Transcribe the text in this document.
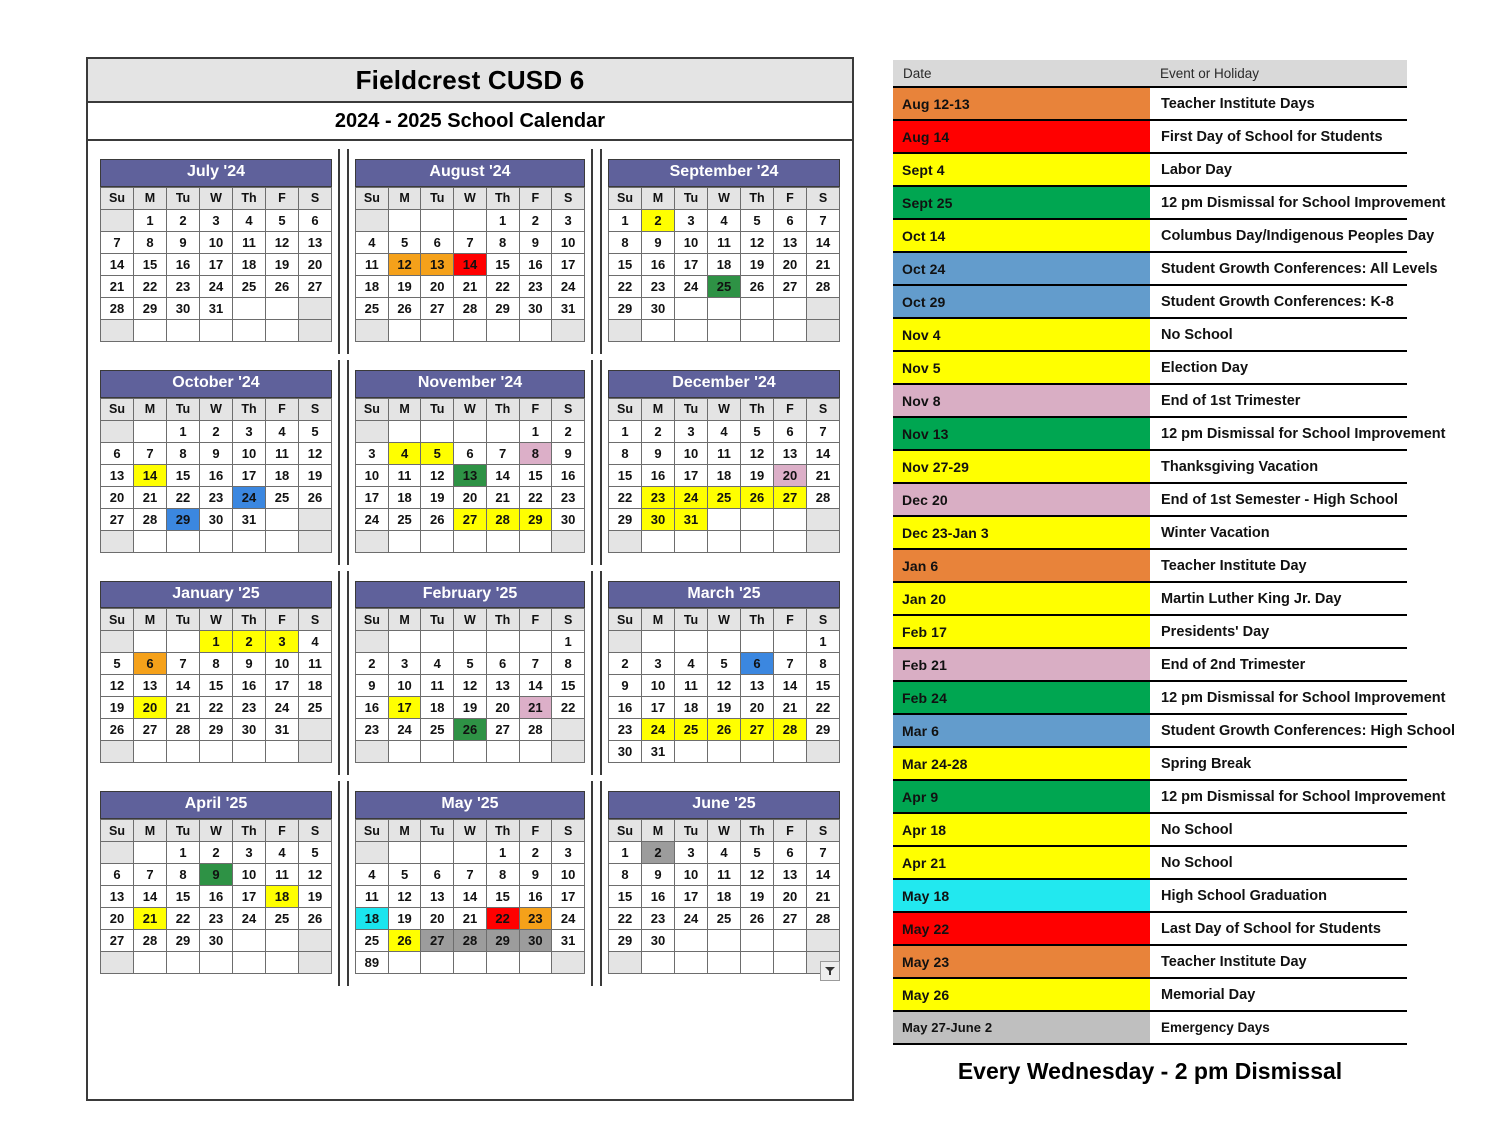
Fieldcrest CUSD 6
2024 - 2025 School Calendar
July '24
Su	M	Tu	W	Th	F	S
	1	2	3	4	5	6
7	8	9	10	11	12	13
14	15	16	17	18	19	20
21	22	23	24	25	26	27
28	29	30	31			

August '24
Su	M	Tu	W	Th	F	S
				1	2	3
4	5	6	7	8	9	10
11	12	13	14	15	16	17
18	19	20	21	22	23	24
25	26	27	28	29	30	31

September '24
Su	M	Tu	W	Th	F	S
1	2	3	4	5	6	7
8	9	10	11	12	13	14
15	16	17	18	19	20	21
22	23	24	25	26	27	28
29	30					

October '24
Su	M	Tu	W	Th	F	S
		1	2	3	4	5
6	7	8	9	10	11	12
13	14	15	16	17	18	19
20	21	22	23	24	25	26
27	28	29	30	31		

November '24
Su	M	Tu	W	Th	F	S
					1	2
3	4	5	6	7	8	9
10	11	12	13	14	15	16
17	18	19	20	21	22	23
24	25	26	27	28	29	30

December '24
Su	M	Tu	W	Th	F	S
1	2	3	4	5	6	7
8	9	10	11	12	13	14
15	16	17	18	19	20	21
22	23	24	25	26	27	28
29	30	31				

January '25
Su	M	Tu	W	Th	F	S
			1	2	3	4
5	6	7	8	9	10	11
12	13	14	15	16	17	18
19	20	21	22	23	24	25
26	27	28	29	30	31	

February '25
Su	M	Tu	W	Th	F	S
						1
2	3	4	5	6	7	8
9	10	11	12	13	14	15
16	17	18	19	20	21	22
23	24	25	26	27	28	

March '25
Su	M	Tu	W	Th	F	S
						1
2	3	4	5	6	7	8
9	10	11	12	13	14	15
16	17	18	19	20	21	22
23	24	25	26	27	28	29
30	31					
April '25
Su	M	Tu	W	Th	F	S
		1	2	3	4	5
6	7	8	9	10	11	12
13	14	15	16	17	18	19
20	21	22	23	24	25	26
27	28	29	30			

May '25
Su	M	Tu	W	Th	F	S
				1	2	3
4	5	6	7	8	9	10
11	12	13	14	15	16	17
18	19	20	21	22	23	24
25	26	27	28	29	30	31
89						
June '25
Su	M	Tu	W	Th	F	S
1	2	3	4	5	6	7
8	9	10	11	12	13	14
15	16	17	18	19	20	21
22	23	24	25	26	27	28
29	30					

Date	Event or Holiday
Aug 12-13	Teacher Institute Days
Aug 14	First Day of School for Students
Sept 4	Labor Day
Sept 25	12 pm Dismissal for School Improvement
Oct 14	Columbus Day/Indigenous Peoples Day
Oct 24	Student Growth Conferences: All Levels
Oct 29	Student Growth Conferences: K-8
Nov 4	No School
Nov 5	Election Day
Nov 8	End of 1st Trimester
Nov 13	12 pm Dismissal for School Improvement
Nov 27-29	Thanksgiving Vacation
Dec 20	End of 1st Semester - High School
Dec 23-Jan 3	Winter Vacation
Jan 6	Teacher Institute Day
Jan 20	Martin Luther King Jr. Day
Feb 17	Presidents' Day
Feb 21	End of 2nd Trimester
Feb 24	12 pm Dismissal for School Improvement
Mar 6	Student Growth Conferences: High School
Mar 24-28	Spring Break
Apr 9	12 pm Dismissal for School Improvement
Apr 18	No School
Apr 21	No School
May 18	High School Graduation
May 22	Last Day of School for Students
May 23	Teacher Institute Day
May 26	Memorial Day
May 27-June 2	Emergency Days
Every Wednesday - 2 pm Dismissal
